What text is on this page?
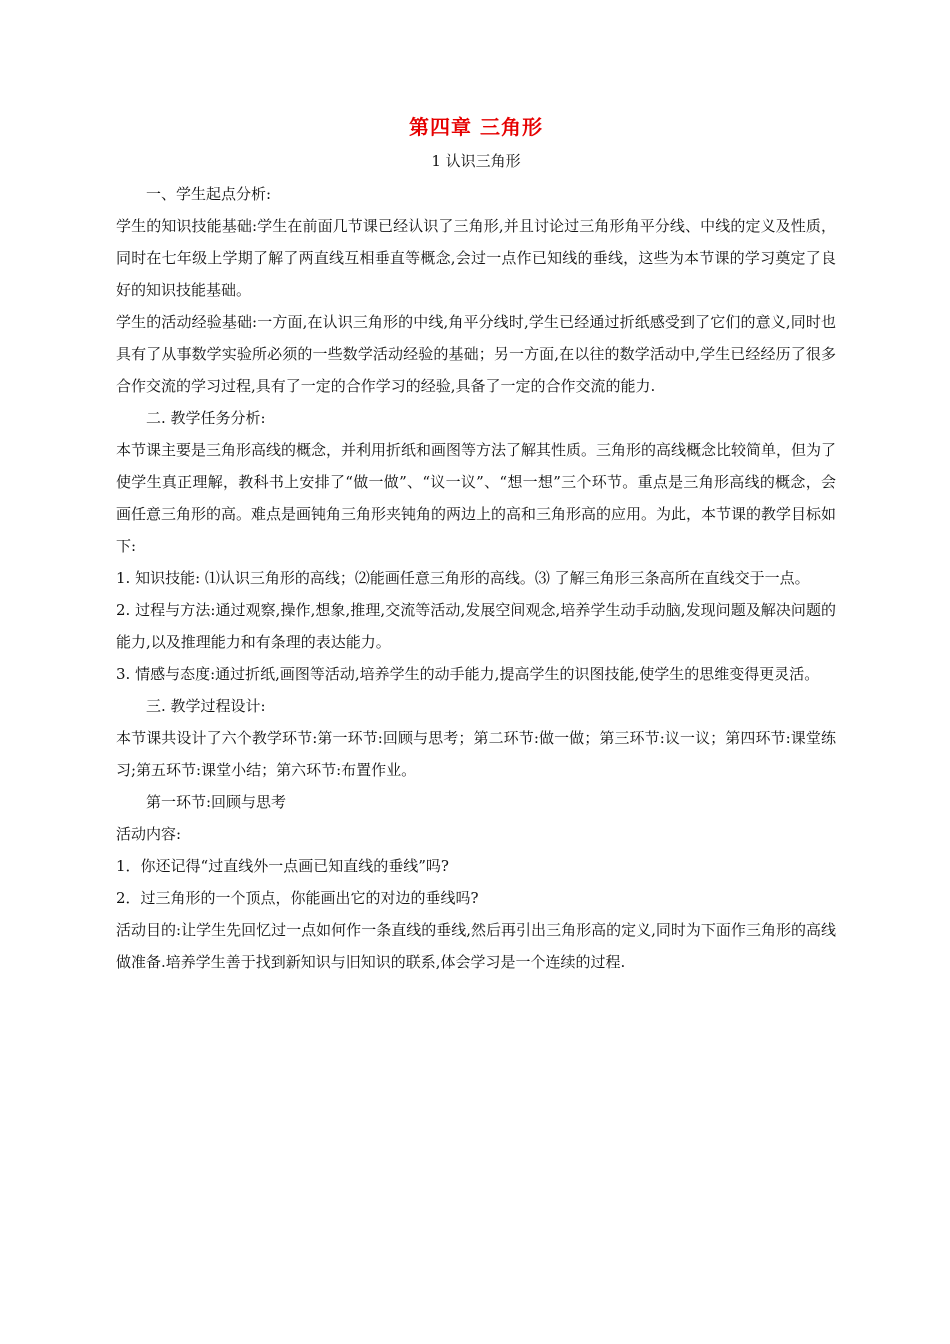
第四章 三角形
1 认识三角形

一、学生起点分析:

学生的知识技能基础:学生在前面几节课已经认识了三角形,并且讨论过三角形角平分线、中线的定义及性质，同时在七年级上学期了解了两直线互相垂直等概念,会过一点作已知线的垂线，这些为本节课的学习奠定了良好的知识技能基础。

学生的活动经验基础:一方面,在认识三角形的中线,角平分线时,学生已经通过折纸感受到了它们的意义,同时也具有了从事数学实验所必须的一些数学活动经验的基础；另一方面,在以往的数学活动中,学生已经经历了很多合作交流的学习过程,具有了一定的合作学习的经验,具备了一定的合作交流的能力.

二. 教学任务分析:

本节课主要是三角形高线的概念，并利用折纸和画图等方法了解其性质。三角形的高线概念比较简单，但为了使学生真正理解，教科书上安排了“做一做”、“议一议”、“想一想”三个环节。重点是三角形高线的概念，会画任意三角形的高。难点是画钝角三角形夹钝角的两边上的高和三角形高的应用。为此，本节课的教学目标如下:

1. 知识技能: ⑴认识三角形的高线；⑵能画任意三角形的高线。⑶ 了解三角形三条高所在直线交于一点。

2. 过程与方法:通过观察,操作,想象,推理,交流等活动,发展空间观念,培养学生动手动脑,发现问题及解决问题的能力,以及推理能力和有条理的表达能力。

3. 情感与态度:通过折纸,画图等活动,培养学生的动手能力,提高学生的识图技能,使学生的思维变得更灵活。

三. 教学过程设计:

本节课共设计了六个教学环节:第一环节:回顾与思考；第二环节:做一做；第三环节:议一议；第四环节:课堂练习;第五环节:课堂小结；第六环节:布置作业。

第一环节:回顾与思考

活动内容:

1．你还记得“过直线外一点画已知直线的垂线”吗?

2．过三角形的一个顶点，你能画出它的对边的垂线吗?

活动目的:让学生先回忆过一点如何作一条直线的垂线,然后再引出三角形高的定义,同时为下面作三角形的高线做准备.培养学生善于找到新知识与旧知识的联系,体会学习是一个连续的过程.
